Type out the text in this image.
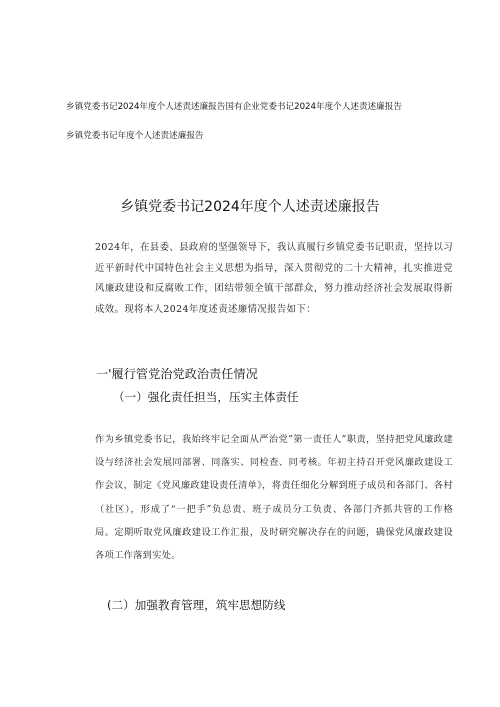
乡镇党委书记2024年度个人述责述廉报告国有企业党委书记2024年度个人述责述廉报告
乡镇党委书记年度个人述责述廉报告
乡镇党委书记2024年度个人述责述廉报告

2024年，在县委、县政府的坚强领导下，我认真履行乡镇党委书记职责，坚持以习近平新时代中国特色社会主义思想为指导，深入贯彻党的二十大精神，扎实推进党风廉政建设和反腐败工作，团结带领全镇干部群众，努力推动经济社会发展取得新成效。现将本人2024年度述责述廉情况报告如下：

一'履行管党治党政治责任情况
（一）强化责任担当，压实主体责任

作为乡镇党委书记，我始终牢记全面从严治党”第一责任人”职责，坚持把党风廉政建设与经济社会发展同部署、同落实、同检查、同考核。年初主持召开党风廉政建设工作会议，制定《党风廉政建设责任清单》，将责任细化分解到班子成员和各部门、各村（社区），形成了“一把手”负总责、班子成员分工负责、各部门齐抓共管的工作格局。定期听取党风廉政建设工作汇报，及时研究解决存在的问题，确保党风廉政建设各项工作落到实处。

(二）加强教育管理，筑牢思想防线
